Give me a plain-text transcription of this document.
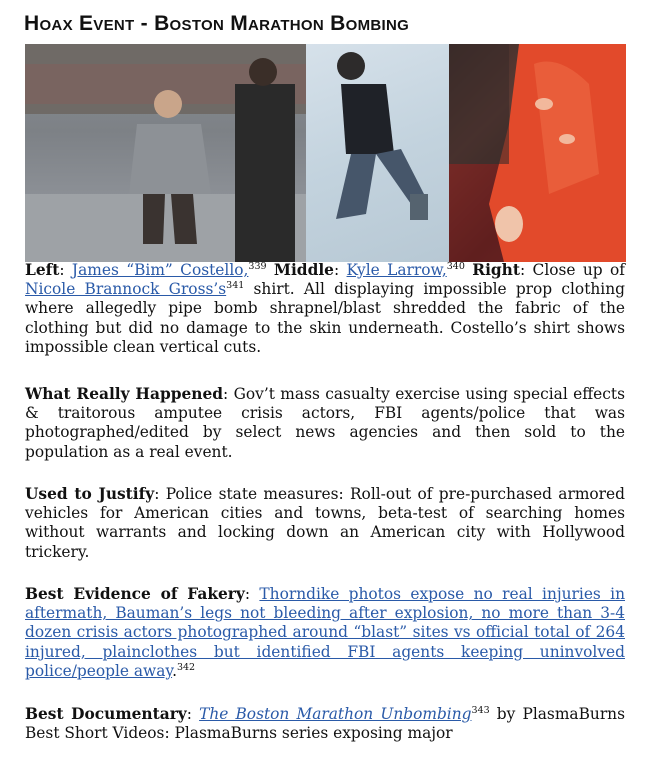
Hoax Event - Boston Marathon Bombing
Left: James “Bim” Costello,$^{339}$ Middle: Kyle Larrow,$^{340}$ Right: Close up of Nicole Brannock $Gross’s^{341}$ shirt. All displaying impossible prop clothing where allegedly pipe bomb shrapnel/blast shredded the fabric of the clothing but did no damage to the skin underneath. Costello’s shirt shows impossible clean vertical cuts.
What Really Happened: Gov’t mass casualty exercise using special effects & traitorous amputee crisis actors, FBI agents/police that was photographed/edited by select news agencies and then sold to the population as a real event.
Used to Justify: Police state measures: Roll-out of pre-purchased armored vehicles for American cities and towns, beta-test of searching homes without warrants and locking down an American city with Hollywood trickery.
Best Evidence of Fakery: Thorndike photos expose no real injuries in aftermath, Bauman’s legs not bleeding after explosion, no more than 3-4 dozen crisis actors photographed around “blast” sites vs official total of 264 injured, plainclothes but identified FBI agents keeping uninvolved police/people away.$^{342}$
Best Documentary: The Boston Marathon Unbombing$^{343}$ by PlasmaBurns Best Short Videos: PlasmaBurns series exposing major
